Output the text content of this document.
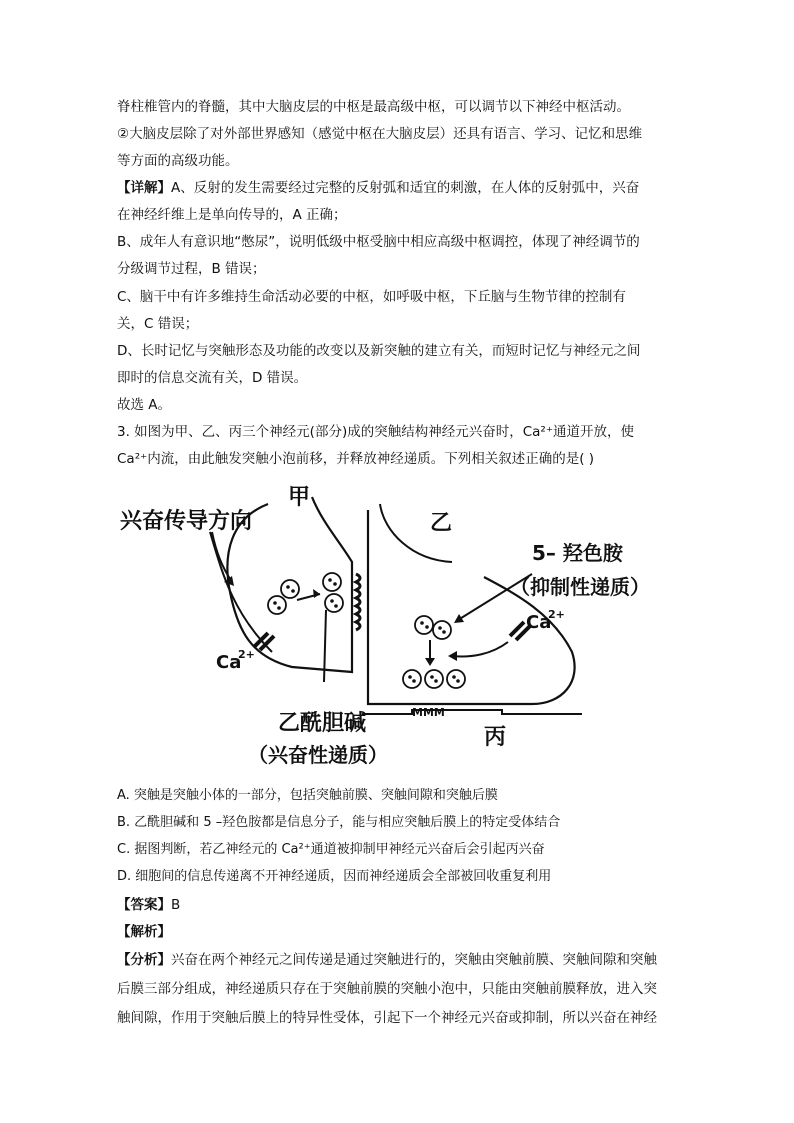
脊柱椎管内的脊髓，其中大脑皮层的中枢是最高级中枢，可以调节以下神经中枢活动。
②大脑皮层除了对外部世界感知（感觉中枢在大脑皮层）还具有语言、学习、记忆和思维
等方面的高级功能。
【详解】A、反射的发生需要经过完整的反射弧和适宜的刺激，在人体的反射弧中，兴奋
在神经纤维上是单向传导的，A 正确；
B、成年人有意识地“憋尿”，说明低级中枢受脑中相应高级中枢调控，体现了神经调节的
分级调节过程，B 错误；
C、脑干中有许多维持生命活动必要的中枢，如呼吸中枢，下丘脑与生物节律的控制有
关，C 错误；
D、长时记忆与突触形态及功能的改变以及新突触的建立有关，而短时记忆与神经元之间
即时的信息交流有关，D 错误。
故选 A。
3. 如图为甲、乙、丙三个神经元(部分)成的突触结构神经元兴奋时，Ca²⁺通道开放，使
Ca²⁺内流，由此触发突触小泡前移，并释放神经递质。下列相关叙述正确的是( )
MMM
兴奋传导方向
甲
乙
丙
5– 羟色胺
（抑制性递质）
Ca
2+
Ca
2+
乙酰胆碱
（兴奋性递质）
A. 突触是突触小体的一部分，包括突触前膜、突触间隙和突触后膜
B. 乙酰胆碱和 5 –羟色胺都是信息分子，能与相应突触后膜上的特定受体结合
C. 据图判断，若乙神经元的 Ca²⁺通道被抑制甲神经元兴奋后会引起丙兴奋
D. 细胞间的信息传递离不开神经递质，因而神经递质会全部被回收重复利用
【答案】B
【解析】
【分析】兴奋在两个神经元之间传递是通过突触进行的，突触由突触前膜、突触间隙和突触
后膜三部分组成，神经递质只存在于突触前膜的突触小泡中，只能由突触前膜释放，进入突
触间隙，作用于突触后膜上的特异性受体，引起下一个神经元兴奋或抑制，所以兴奋在神经
